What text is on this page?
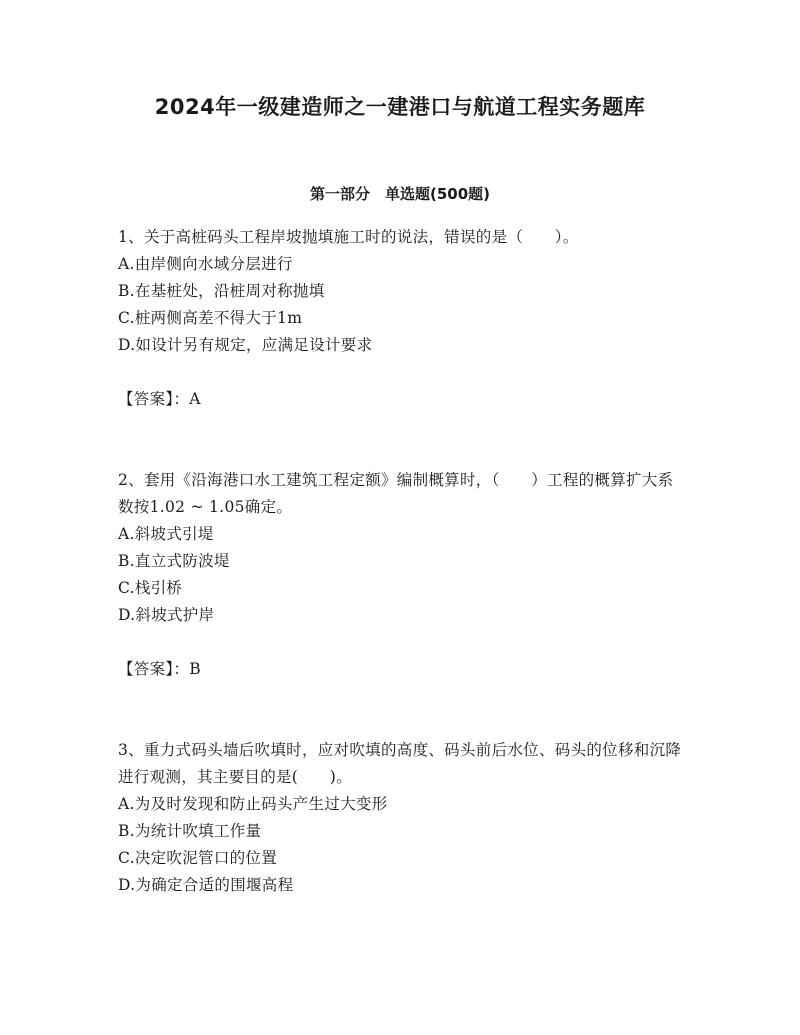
2024年一级建造师之一建港口与航道工程实务题库
第一部分　单选题(500题)

1、关于高桩码头工程岸坡抛填施工时的说法，错误的是（　　）。

A.由岸侧向水域分层进行

B.在基桩处，沿桩周对称抛填

C.桩两侧高差不得大于1m

D.如设计另有规定，应满足设计要求

【答案】：A

2、套用《沿海港口水工建筑工程定额》编制概算时，（　　）工程的概算扩大系数按1.02 ~ 1.05确定。

A.斜坡式引堤

B.直立式防波堤

C.栈引桥

D.斜坡式护岸

【答案】：B

3、重力式码头墙后吹填时，应对吹填的高度、码头前后水位、码头的位移和沉降进行观测，其主要目的是(　　)。

A.为及时发现和防止码头产生过大变形

B.为统计吹填工作量

C.决定吹泥管口的位置

D.为确定合适的围堰高程
